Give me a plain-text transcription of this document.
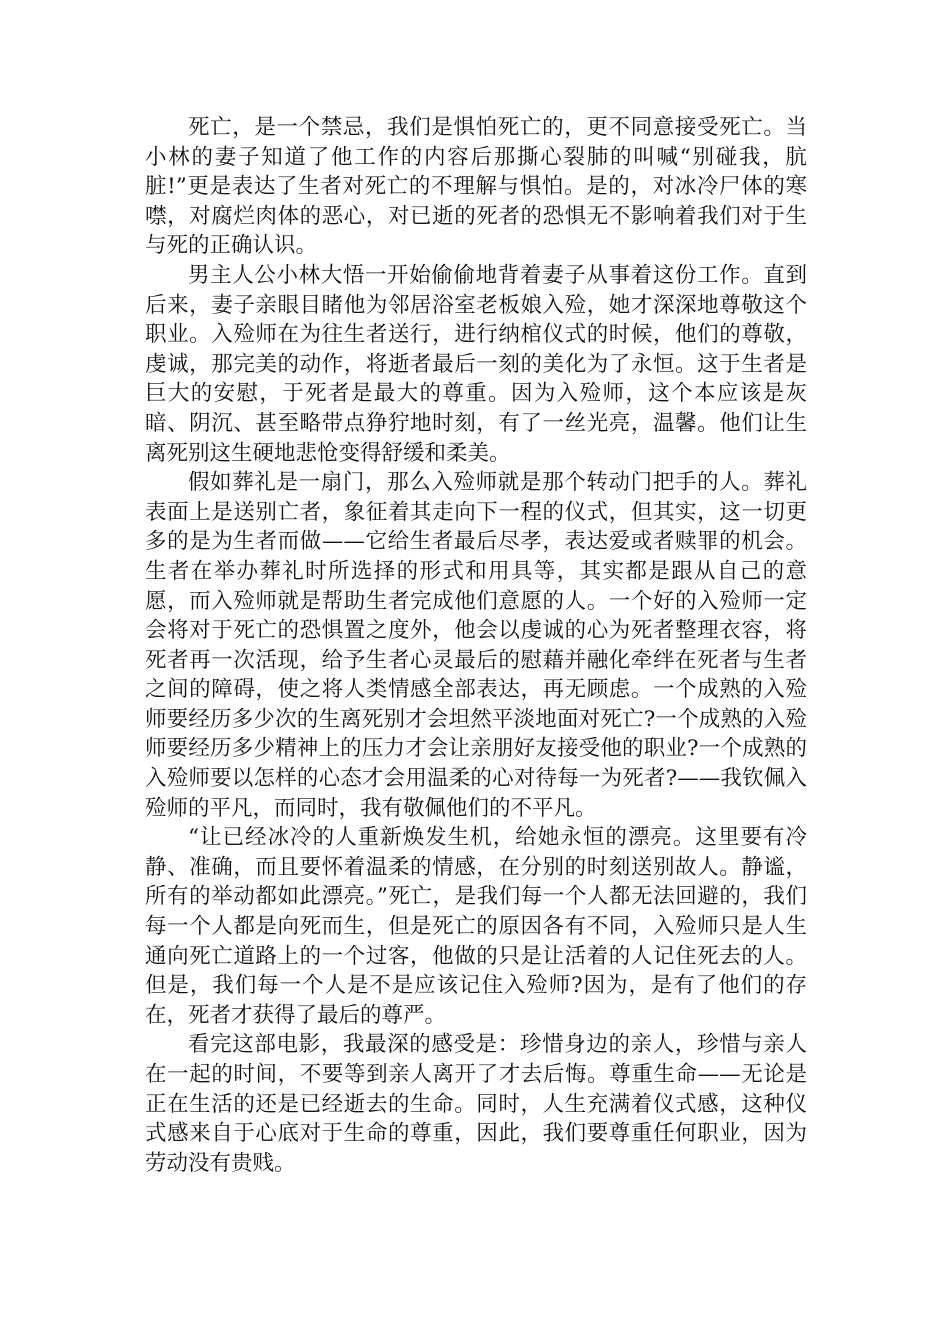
死亡，是一个禁忌，我们是惧怕死亡的，更不同意接受死亡。当小林的妻子知道了他工作的内容后那撕心裂肺的叫喊“别碰我，肮脏!”更是表达了生者对死亡的不理解与惧怕。是的，对冰冷尸体的寒噤，对腐烂肉体的恶心，对已逝的死者的恐惧无不影响着我们对于生与死的正确认识。

男主人公小林大悟一开始偷偷地背着妻子从事着这份工作。直到后来，妻子亲眼目睹他为邻居浴室老板娘入殓，她才深深地尊敬这个职业。入殓师在为往生者送行，进行纳棺仪式的时候，他们的尊敬，虔诚，那完美的动作，将逝者最后一刻的美化为了永恒。这于生者是巨大的安慰，于死者是最大的尊重。因为入殓师，这个本应该是灰暗、阴沉、甚至略带点狰狞地时刻，有了一丝光亮，温馨。他们让生离死别这生硬地悲怆变得舒缓和柔美。

假如葬礼是一扇门，那么入殓师就是那个转动门把手的人。葬礼表面上是送别亡者，象征着其走向下一程的仪式，但其实，这一切更多的是为生者而做——它给生者最后尽孝，表达爱或者赎罪的机会。生者在举办葬礼时所选择的形式和用具等，其实都是跟从自己的意愿，而入殓师就是帮助生者完成他们意愿的人。一个好的入殓师一定会将对于死亡的恐惧置之度外，他会以虔诚的心为死者整理衣容，将死者再一次活现，给予生者心灵最后的慰藉并融化牵绊在死者与生者之间的障碍，使之将人类情感全部表达，再无顾虑。一个成熟的入殓师要经历多少次的生离死别才会坦然平淡地面对死亡?一个成熟的入殓师要经历多少精神上的压力才会让亲朋好友接受他的职业?一个成熟的入殓师要以怎样的心态才会用温柔的心对待每一为死者?——我钦佩入殓师的平凡，而同时，我有敬佩他们的不平凡。

“让已经冰冷的人重新焕发生机，给她永恒的漂亮。这里要有冷静、准确，而且要怀着温柔的情感，在分别的时刻送别故人。静谧，所有的举动都如此漂亮。”死亡，是我们每一个人都无法回避的，我们每一个人都是向死而生，但是死亡的原因各有不同，入殓师只是人生通向死亡道路上的一个过客，他做的只是让活着的人记住死去的人。但是，我们每一个人是不是应该记住入殓师?因为，是有了他们的存在，死者才获得了最后的尊严。

看完这部电影，我最深的感受是：珍惜身边的亲人，珍惜与亲人在一起的时间，不要等到亲人离开了才去后悔。尊重生命——无论是正在生活的还是已经逝去的生命。同时，人生充满着仪式感，这种仪式感来自于心底对于生命的尊重，因此，我们要尊重任何职业，因为劳动没有贵贱。
